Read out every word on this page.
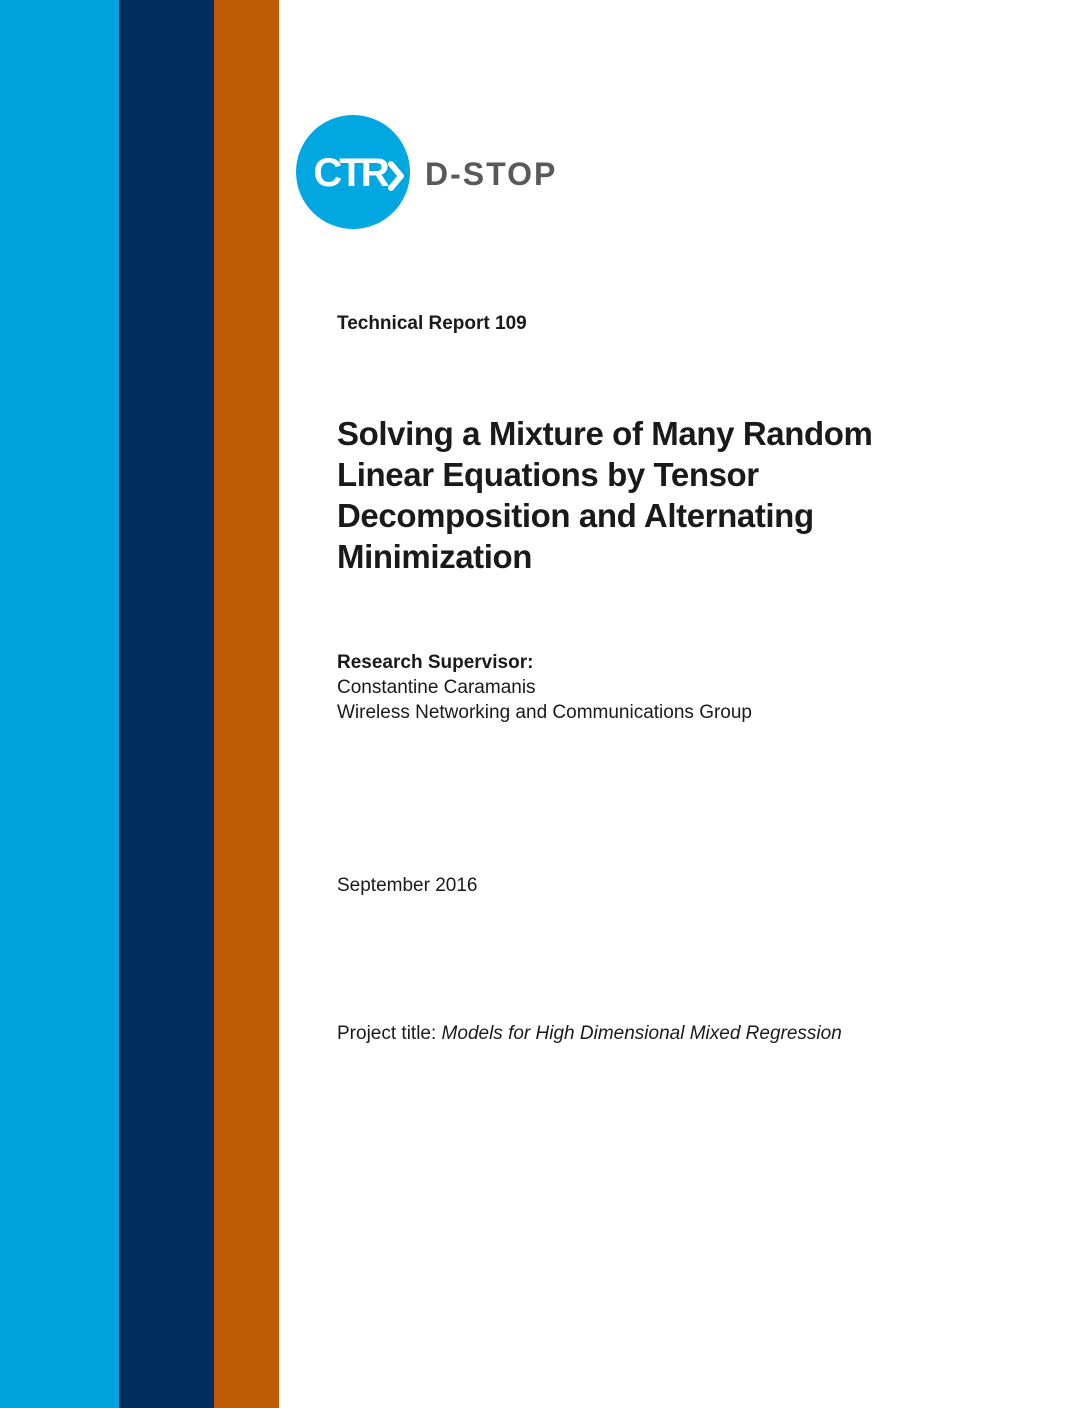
CTR D-STOP
Technical Report 109
Solving a Mixture of Many Random Linear Equations by Tensor Decomposition and Alternating Minimization
Research Supervisor:
Constantine Caramanis
Wireless Networking and Communications Group
September 2016
Project title: Models for High Dimensional Mixed Regression
